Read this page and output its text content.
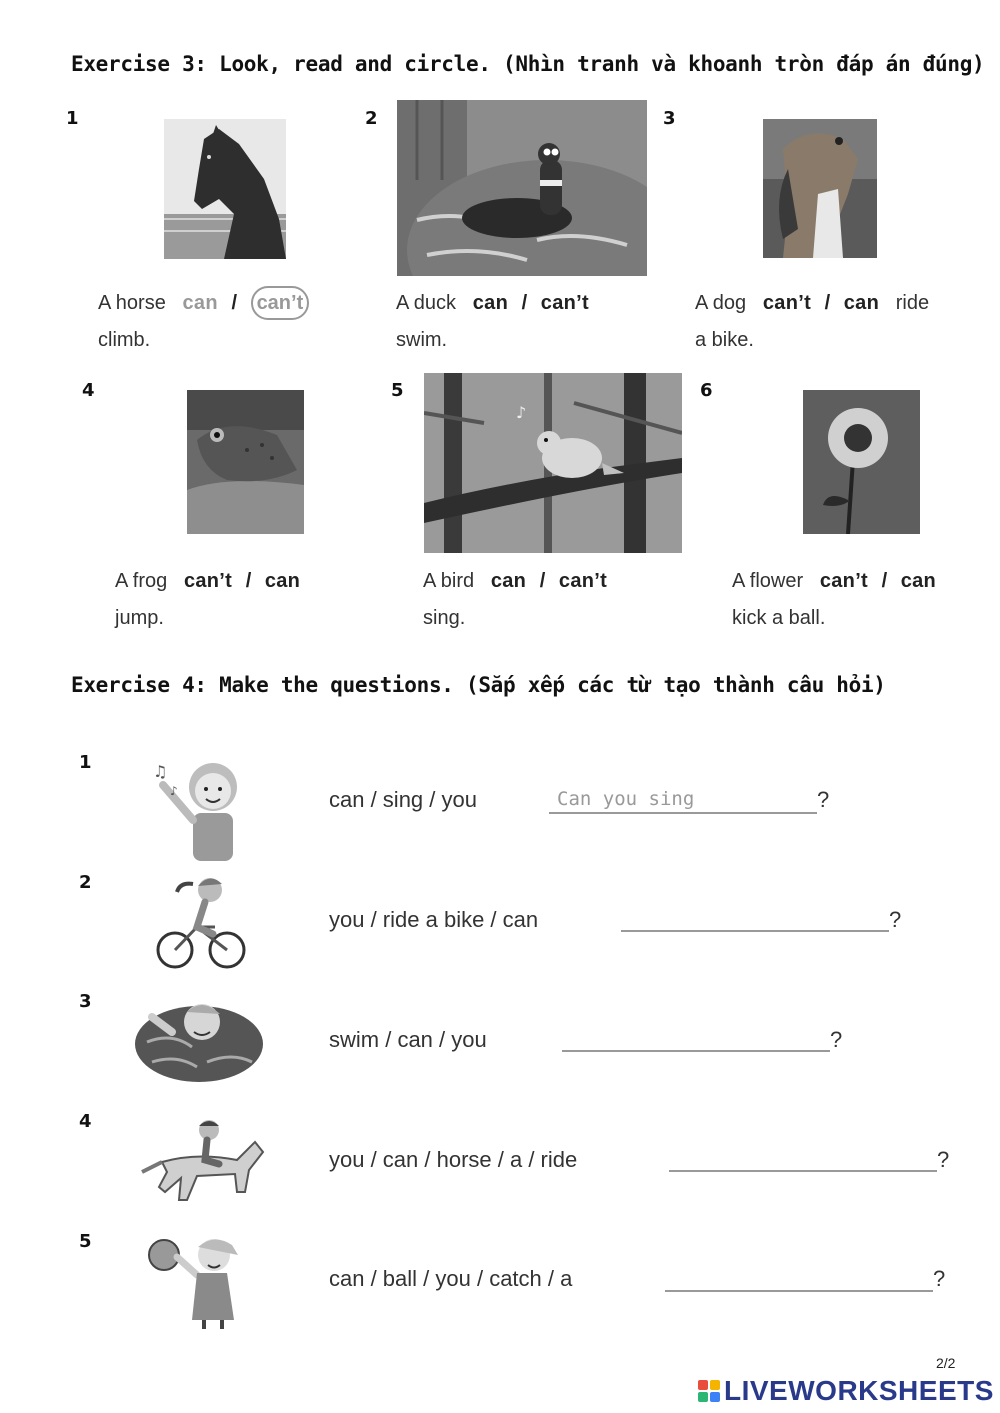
Exercise 3: Look, read and circle. (Nhìn tranh và khoanh tròn đáp án đúng)
1
A horse can / can’t
climb.
2
A duck can / can’t
swim.
3
A dog can’t / can ride
a bike.
4
A frog can’t / can
jump.
5
♪
A bird can / can’t
sing.
6
A flower can’t / can
kick a ball.
Exercise 4: Make the questions. (Sắp xếp các từ tạo thành câu hỏi)
1	♫
♪	can / sing / you	Can you sing	?
2
you / ride a bike / can	?
3
swim / can / you	?
4
you / can / horse / a / ride	?
5
can / ball / you / catch / a	?
2/2
LIVEWORKSHEETS
